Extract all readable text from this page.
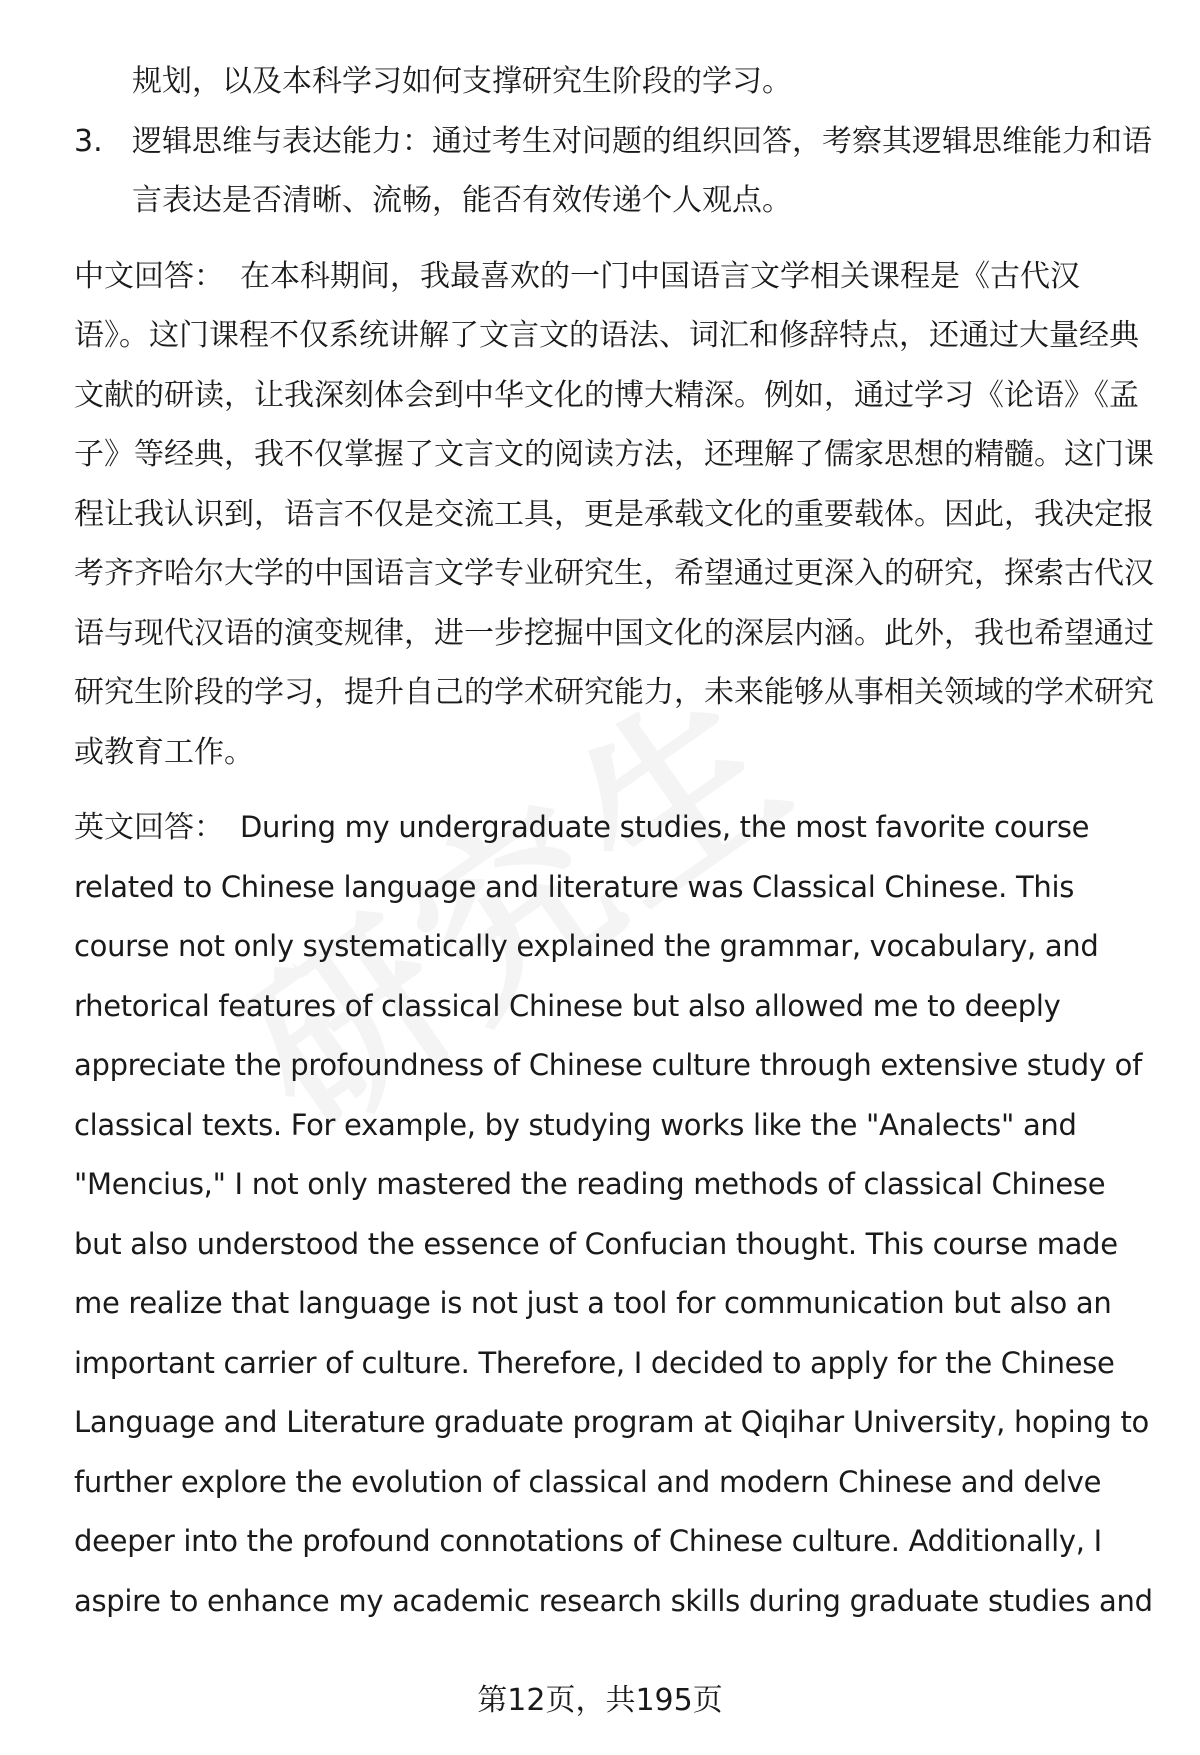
规划，以及本科学习如何支撑研究生阶段的学习。

3. 逻辑思维与表达能力：通过考生对问题的组织回答，考察其逻辑思维能力和语言表达是否清晰、流畅，能否有效传递个人观点。

中文回答： 在本科期间，我最喜欢的一门中国语言文学相关课程是《古代汉语》。这门课程不仅系统讲解了文言文的语法、词汇和修辞特点，还通过大量经典文献的研读，让我深刻体会到中华文化的博大精深。例如，通过学习《论语》《孟子》等经典，我不仅掌握了文言文的阅读方法，还理解了儒家思想的精髓。这门课程让我认识到，语言不仅是交流工具，更是承载文化的重要载体。因此，我决定报考齐齐哈尔大学的中国语言文学专业研究生，希望通过更深入的研究，探索古代汉语与现代汉语的演变规律，进一步挖掘中国文化的深层内涵。此外，我也希望通过研究生阶段的学习，提升自己的学术研究能力，未来能够从事相关领域的学术研究或教育工作。

英文回答： During my undergraduate studies, the most favorite course related to Chinese language and literature was Classical Chinese. This course not only systematically explained the grammar, vocabulary, and rhetorical features of classical Chinese but also allowed me to deeply appreciate the profoundness of Chinese culture through extensive study of classical texts. For example, by studying works like the "Analects" and "Mencius," I not only mastered the reading methods of classical Chinese but also understood the essence of Confucian thought. This course made me realize that language is not just a tool for communication but also an important carrier of culture. Therefore, I decided to apply for the Chinese Language and Literature graduate program at Qiqihar University, hoping to further explore the evolution of classical and modern Chinese and delve deeper into the profound connotations of Chinese culture. Additionally, I aspire to enhance my academic research skills during graduate studies and

第12页，共195页
